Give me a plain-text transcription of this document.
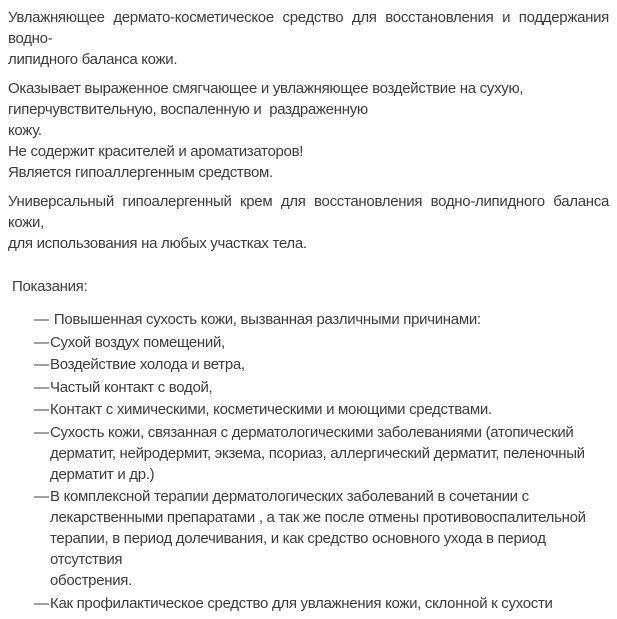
Увлажняющее дермато-косметическое средство для восстановления и поддержания водно-
липидного баланса кожи.
Оказывает выраженное смягчающее и увлажняющее воздействие на сухую,
гиперчувствительную, воспаленную и  раздраженную
кожу.
Не содержит красителей и ароматизаторов!
Является гипоаллергенным средством.
Универсальный гипоалергенный крем для восстановления водно-липидного баланса кожи,
для использования на любых участках тела.
Показания:
— Повышенная сухость кожи, вызванная различными причинами:
— Сухой воздух помещений,
— Воздействие холода и ветра,
— Частый контакт с водой,
— Контакт с химическими, косметическими и моющими средствами.
— Сухость кожи, связанная с дерматологическими заболеваниями (атопический
дерматит, нейродермит, экзема, псориаз, аллергический дерматит, пеленочный
дерматит и др.)
— В комплексной терапии дерматологических заболеваний в сочетании с
лекарственными препаратами , а так же после отмены противовоспалительной
терапии, в период долечивания, и как средство основного ухода в период отсутствия
обострения.
— Как профилактическое средство для увлажнения кожи, склонной к сухости
